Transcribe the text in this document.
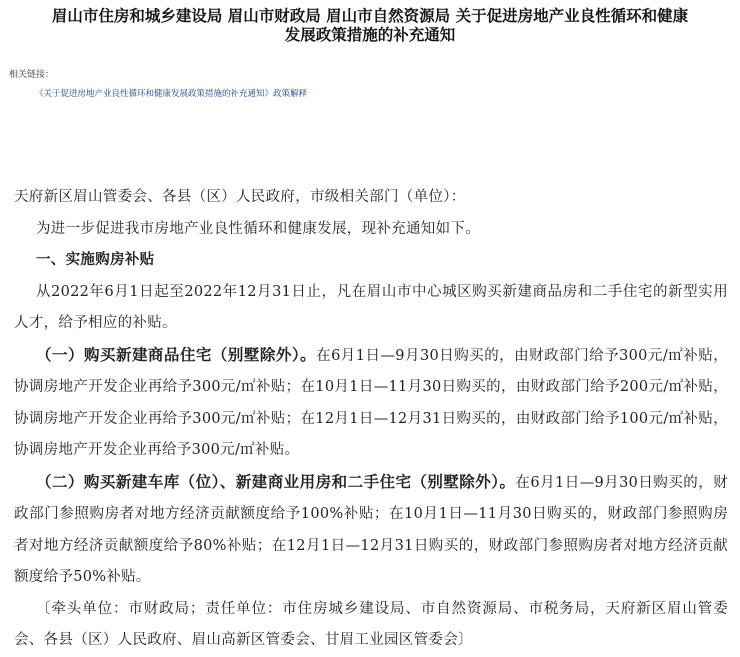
眉山市住房和城乡建设局 眉山市财政局 眉山市自然资源局 关于促进房地产业良性循环和健康
发展政策措施的补充通知
相关链接：
《关于促进房地产业良性循环和健康发展政策措施的补充通知》政策解释

天府新区眉山管委会、各县（区）人民政府，市级相关部门（单位）：

为进一步促进我市房地产业良性循环和健康发展，现补充通知如下。

一、实施购房补贴

从2022年6月1日起至2022年12月31日止，凡在眉山市中心城区购买新建商品房和二手住宅的新型实用人才，给予相应的补贴。

（一）购买新建商品住宅（别墅除外）。在6月1日—9月30日购买的，由财政部门给予300元/㎡补贴，协调房地产开发企业再给予300元/㎡补贴；在10月1日—11月30日购买的，由财政部门给予200元/㎡补贴，协调房地产开发企业再给予300元/㎡补贴；在12月1日—12月31日购买的，由财政部门给予100元/㎡补贴，协调房地产开发企业再给予300元/㎡补贴。

（二）购买新建车库（位）、新建商业用房和二手住宅（别墅除外）。在6月1日—9月30日购买的，财政部门参照购房者对地方经济贡献额度给予100%补贴；在10月1日—11月30日购买的，财政部门参照购房者对地方经济贡献额度给予80%补贴；在12月1日—12月31日购买的，财政部门参照购房者对地方经济贡献额度给予50%补贴。

〔牵头单位：市财政局；责任单位：市住房城乡建设局、市自然资源局、市税务局，天府新区眉山管委会、各县（区）人民政府、眉山高新区管委会、甘眉工业园区管委会〕
